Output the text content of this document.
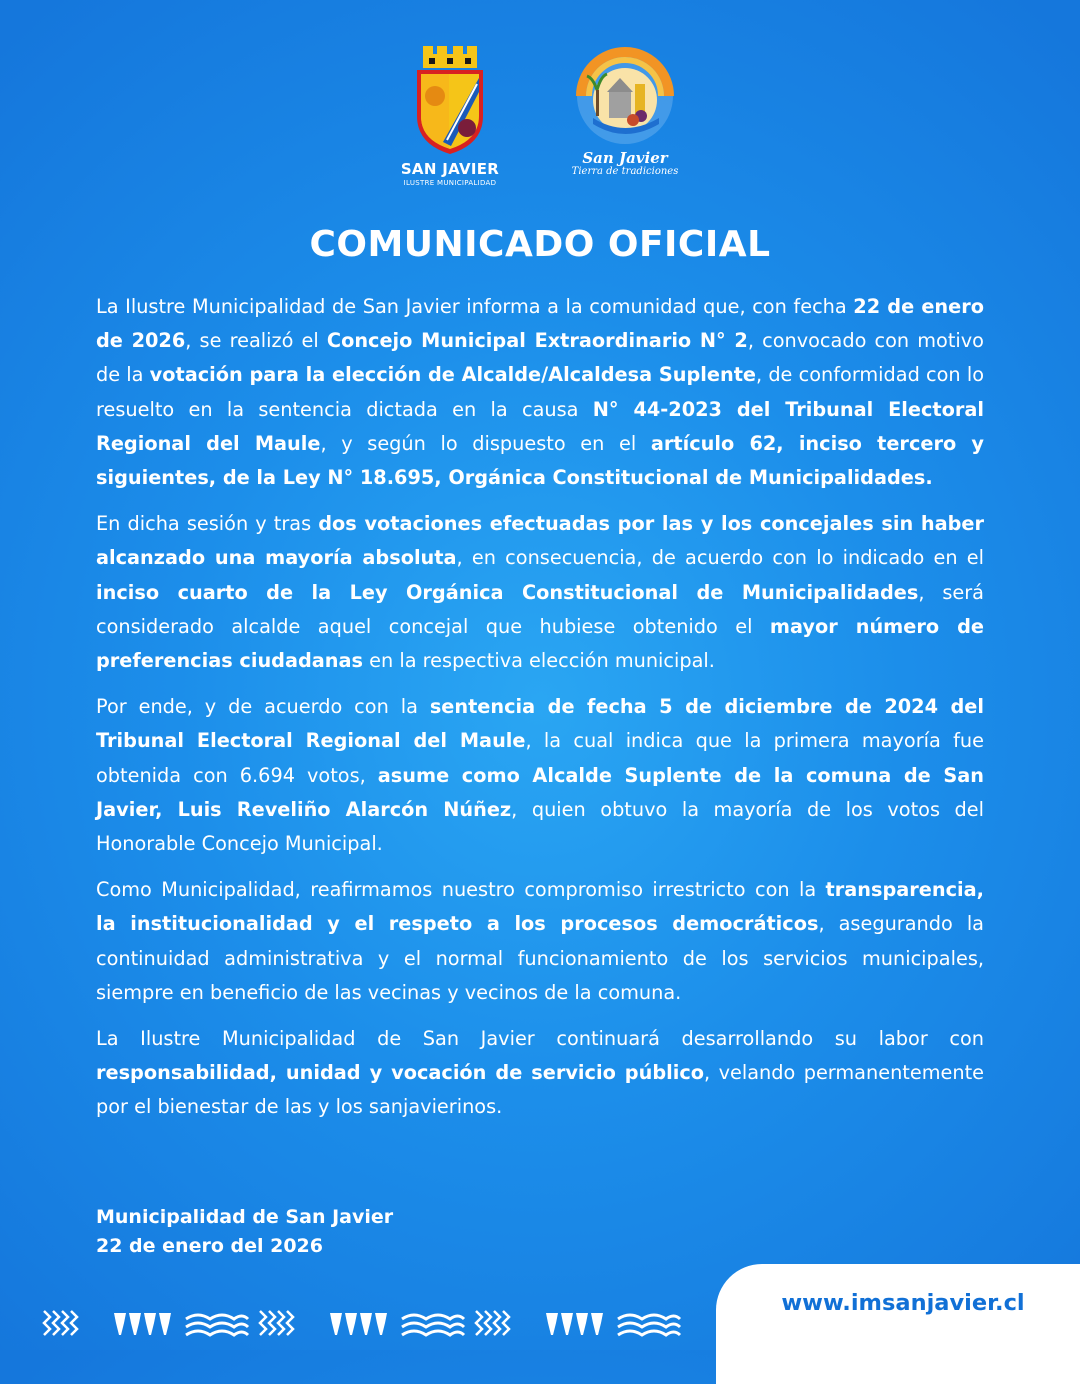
SAN JAVIER
ILUSTRE MUNICIPALIDAD
San Javier
Tierra de tradiciones
COMUNICADO OFICIAL

La Ilustre Municipalidad de San Javier informa a la comunidad que, con fecha 22 de enero de 2026, se realizó el Concejo Municipal Extraordinario N° 2, convocado con motivo de la votación para la elección de Alcalde/Alcaldesa Suplente, de conformidad con lo resuelto en la sentencia dictada en la causa N° 44-2023 del Tribunal Electoral Regional del Maule, y según lo dispuesto en el artículo 62, inciso tercero y siguientes, de la Ley N° 18.695, Orgánica Constitucional de Municipalidades.

En dicha sesión y tras dos votaciones efectuadas por las y los concejales sin haber alcanzado una mayoría absoluta, en consecuencia, de acuerdo con lo indicado en el inciso cuarto de la Ley Orgánica Constitucional de Municipalidades, será considerado alcalde aquel concejal que hubiese obtenido el mayor número de preferencias ciudadanas en la respectiva elección municipal.

Por ende, y de acuerdo con la sentencia de fecha 5 de diciembre de 2024 del Tribunal Electoral Regional del Maule, la cual indica que la primera mayoría fue obtenida con 6.694 votos, asume como Alcalde Suplente de la comuna de San Javier, Luis Reveliño Alarcón Núñez, quien obtuvo la mayoría de los votos del Honorable Concejo Municipal.

Como Municipalidad, reafirmamos nuestro compromiso irrestricto con la transparencia, la institucionalidad y el respeto a los procesos democráticos, asegurando la continuidad administrativa y el normal funcionamiento de los servicios municipales, siempre en beneficio de las vecinas y vecinos de la comuna.

La Ilustre Municipalidad de San Javier continuará desarrollando su labor con responsabilidad, unidad y vocación de servicio público, velando permanentemente por el bienestar de las y los sanjavierinos.

Municipalidad de San Javier
22 de enero del 2026
www.imsanjavier.cl
